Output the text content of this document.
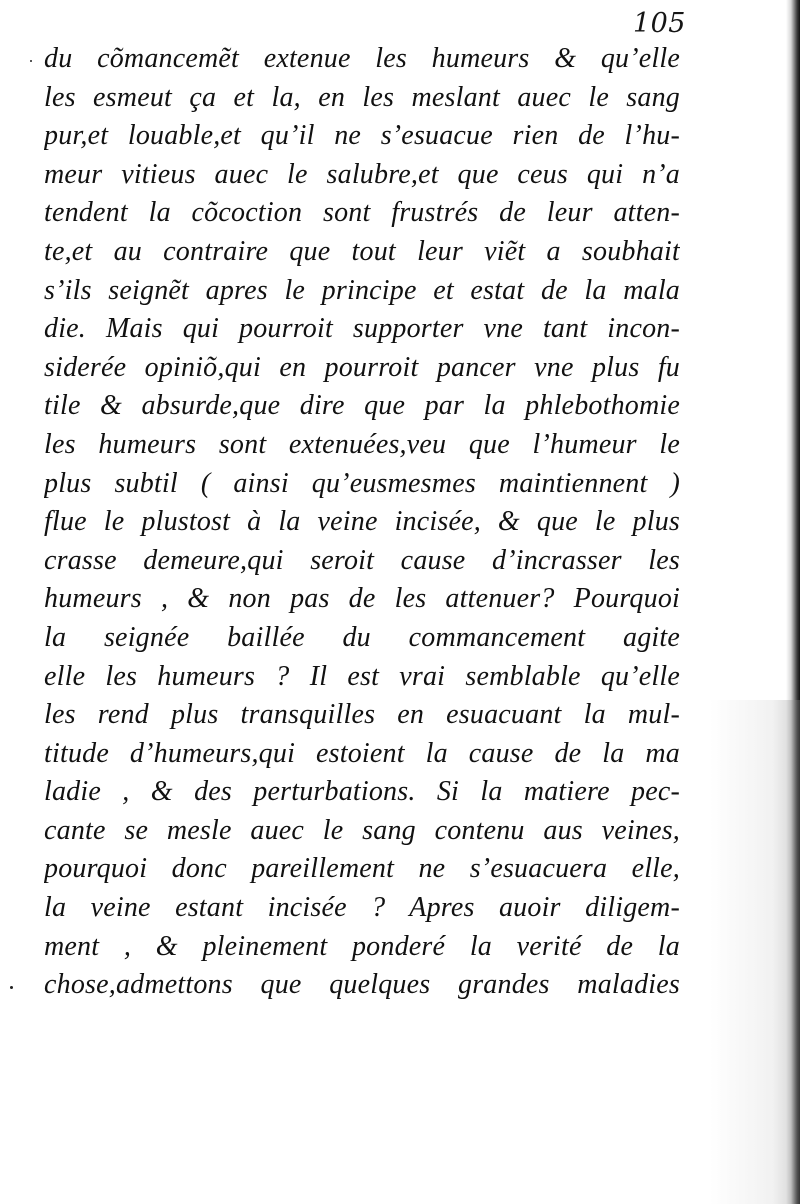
105
du cõmancemẽt extenue les humeurs & qu’elle
les esmeut ça et la, en les meslant auec le sang
pur,et louable,et qu’il ne s’esuacue rien de l’hu-
meur vitieus auec le salubre,et que ceus qui n’a
tendent la cõcoction sont frustrés de leur atten-
te,et au contraire que tout leur viẽt a soubhait
s’ils seignẽt apres le principe et estat de la mala
die. Mais qui pourroit supporter vne tant incon-
siderée opiniõ,qui en pourroit pancer vne plus fu
tile & absurde,que dire que par la phlebothomie
les humeurs sont extenuées,veu que l’humeur le
plus subtil ( ainsi qu’eusmesmes maintiennent )
flue le plustost à la veine incisée, & que le plus
crasse demeure,qui seroit cause d’incrasser les
humeurs , & non pas de les attenuer? Pourquoi
la seignée baillée du commancement agite
elle les humeurs ? Il est vrai semblable qu’elle
les rend plus transquilles en esuacuant la mul-
titude d’humeurs,qui estoient la cause de la ma
ladie , & des perturbations. Si la matiere pec-
cante se mesle auec le sang contenu aus veines,
pourquoi donc pareillement ne s’esuacuera elle,
la veine estant incisée ? Apres auoir diligem-
ment , & pleinement ponderé la verité de la
chose,admettons que quelques grandes maladies
